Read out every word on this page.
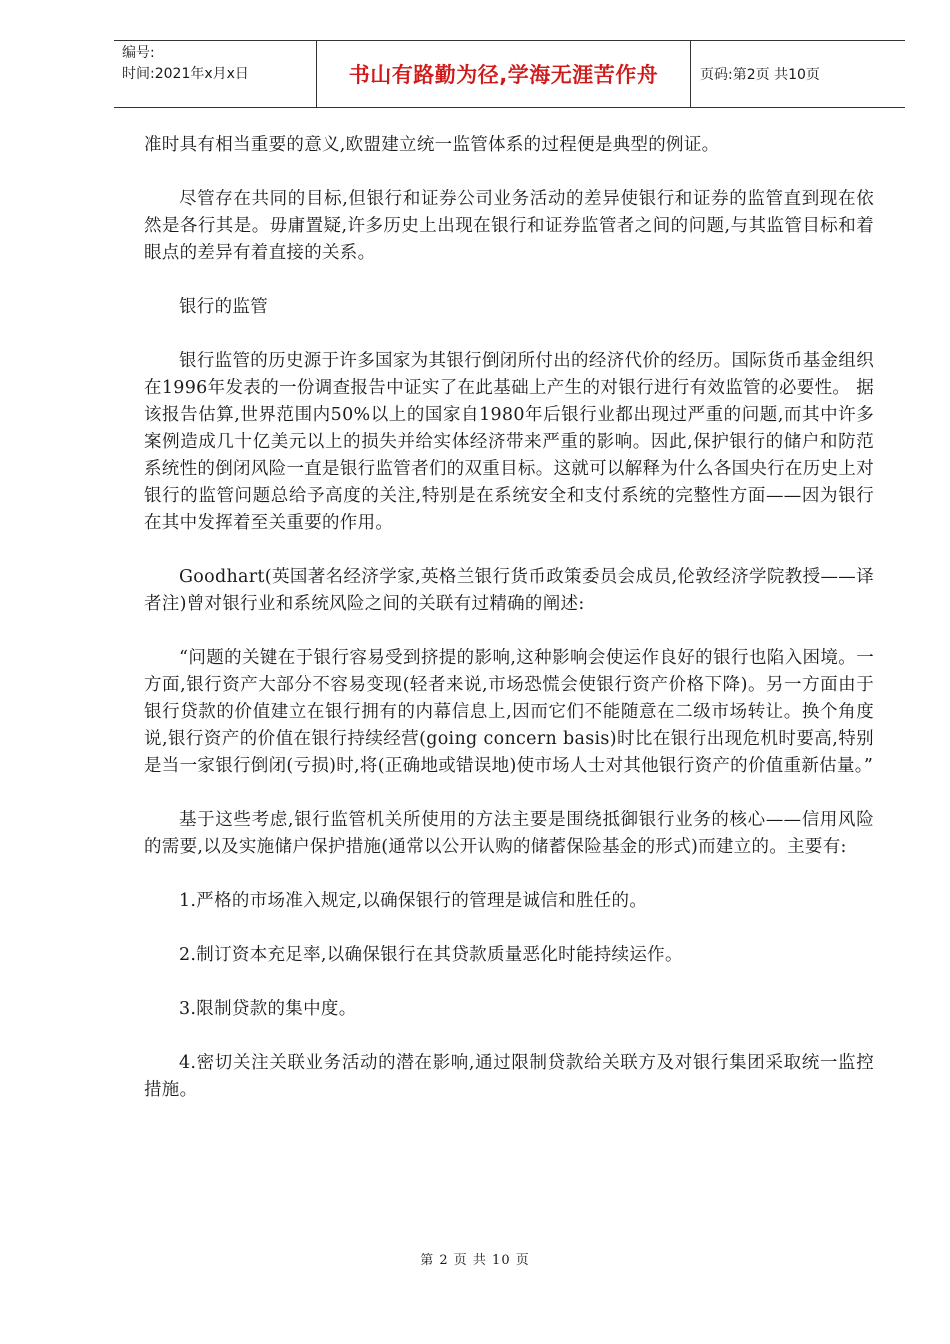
编号:
时间:2021年x月x日	书山有路勤为径,学海无涯苦作舟	页码:第2页 共10页

准时具有相当重要的意义,欧盟建立统一监管体系的过程便是典型的例证。

尽管存在共同的目标,但银行和证券公司业务活动的差异使银行和证券的监管直到现在依然是各行其是。毋庸置疑,许多历史上出现在银行和证券监管者之间的问题,与其监管目标和着眼点的差异有着直接的关系。

银行的监管

银行监管的历史源于许多国家为其银行倒闭所付出的经济代价的经历。国际货币基金组织在1996年发表的一份调查报告中证实了在此基础上产生的对银行进行有效监管的必要性。 据该报告估算,世界范围内50%以上的国家自1980年后银行业都出现过严重的问题,而其中许多案例造成几十亿美元以上的损失并给实体经济带来严重的影响。因此,保护银行的储户和防范系统性的倒闭风险一直是银行监管者们的双重目标。这就可以解释为什么各国央行在历史上对银行的监管问题总给予高度的关注,特别是在系统安全和支付系统的完整性方面——因为银行在其中发挥着至关重要的作用。

Goodhart(英国著名经济学家,英格兰银行货币政策委员会成员,伦敦经济学院教授——译者注)曾对银行业和系统风险之间的关联有过精确的阐述:

“问题的关键在于银行容易受到挤提的影响,这种影响会使运作良好的银行也陷入困境。一方面,银行资产大部分不容易变现(轻者来说,市场恐慌会使银行资产价格下降)。另一方面由于银行贷款的价值建立在银行拥有的内幕信息上,因而它们不能随意在二级市场转让。换个角度说,银行资产的价值在银行持续经营(going concern basis)时比在银行出现危机时要高,特别是当一家银行倒闭(亏损)时,将(正确地或错误地)使市场人士对其他银行资产的价值重新估量。”

基于这些考虑,银行监管机关所使用的方法主要是围绕抵御银行业务的核心——信用风险的需要,以及实施储户保护措施(通常以公开认购的储蓄保险基金的形式)而建立的。主要有:

1.严格的市场准入规定,以确保银行的管理是诚信和胜任的。

2.制订资本充足率,以确保银行在其贷款质量恶化时能持续运作。

3.限制贷款的集中度。

4.密切关注关联业务活动的潜在影响,通过限制贷款给关联方及对银行集团采取统一监控措施。

第 2 页 共 10 页
